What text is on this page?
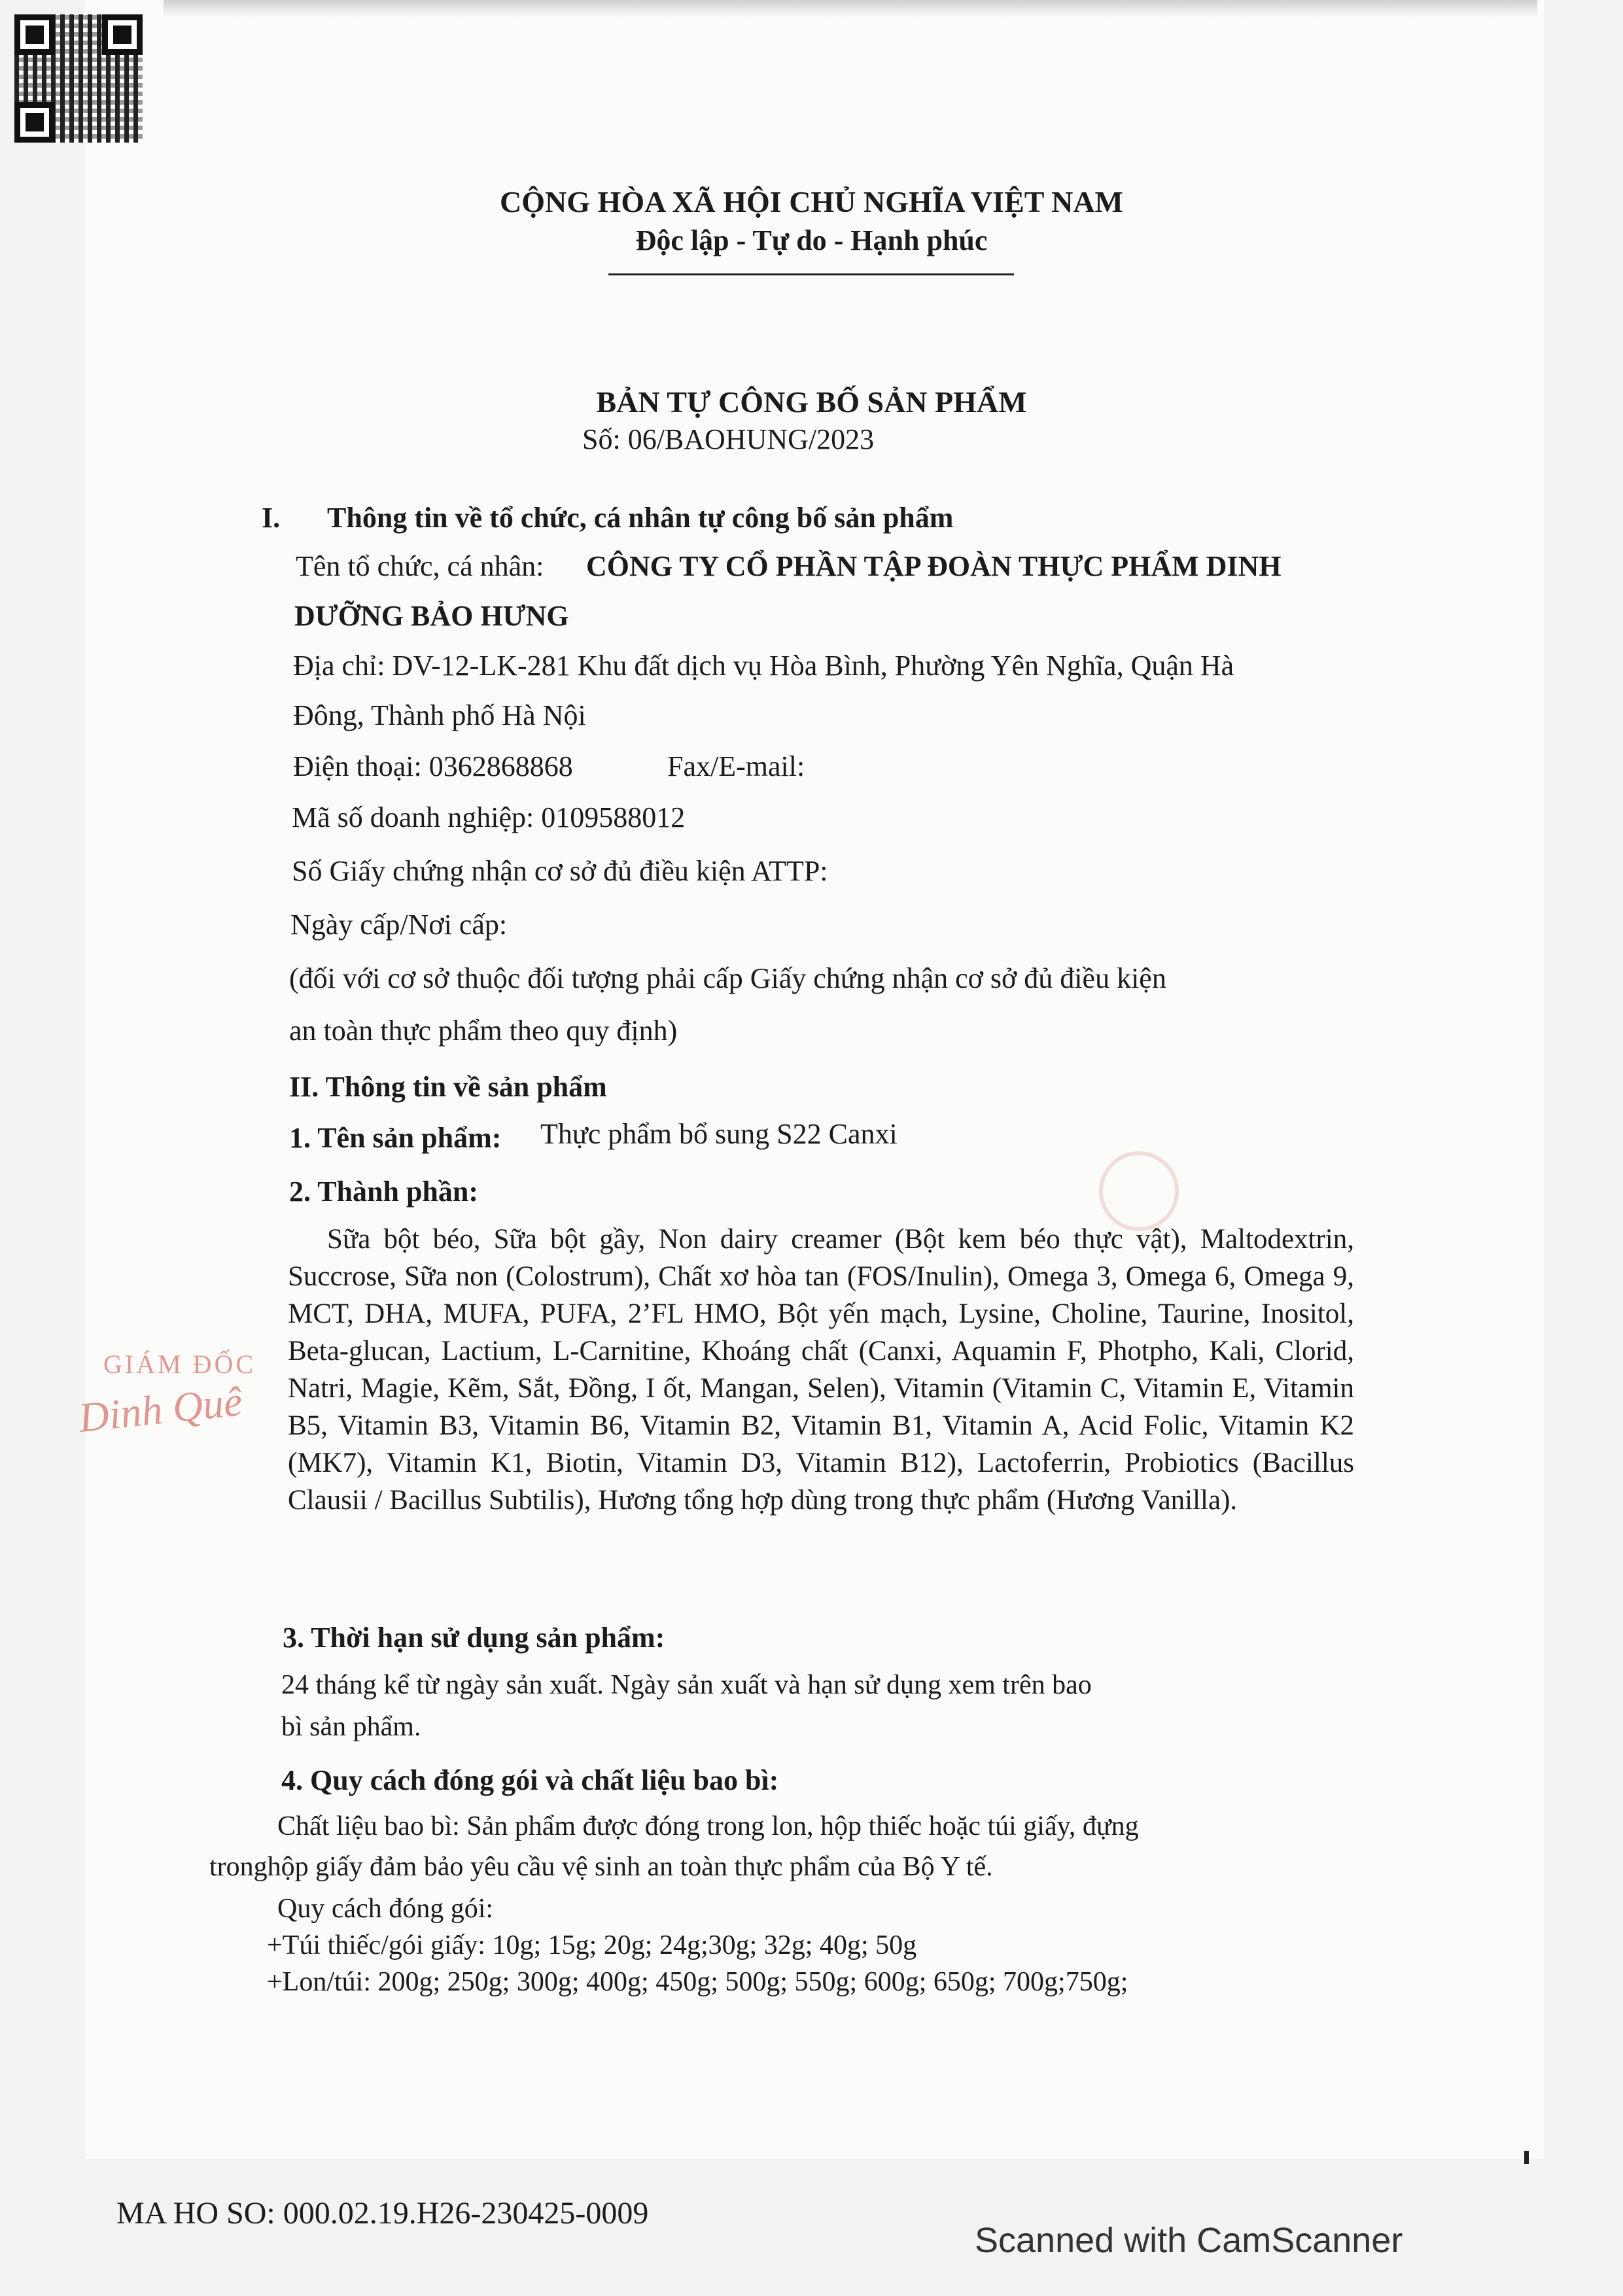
CỘNG HÒA XÃ HỘI CHỦ NGHĨA VIỆT NAM
Độc lập - Tự do - Hạnh phúc
BẢN TỰ CÔNG BỐ SẢN PHẨM
Số: 06/BAOHUNG/2023
I. Thông tin về tổ chức, cá nhân tự công bố sản phẩm
Tên tổ chức, cá nhân: CÔNG TY CỔ PHẦN TẬP ĐOÀN THỰC PHẨM DINH
DƯỠNG BẢO HƯNG
Địa chỉ: DV-12-LK-281 Khu đất dịch vụ Hòa Bình, Phường Yên Nghĩa, Quận Hà
Đông, Thành phố Hà Nội
Điện thoại: 0362868868	Fax/E-mail:
Mã số doanh nghiệp: 0109588012
Số Giấy chứng nhận cơ sở đủ điều kiện ATTP:
Ngày cấp/Nơi cấp:
(đối với cơ sở thuộc đối tượng phải cấp Giấy chứng nhận cơ sở đủ điều kiện
an toàn thực phẩm theo quy định)
II. Thông tin về sản phẩm
1. Tên sản phẩm: Thực phẩm bổ sung S22 Canxi
2. Thành phần:
Sữa bột béo, Sữa bột gầy, Non dairy creamer (Bột kem béo thực vật), Maltodextrin, Succrose, Sữa non (Colostrum), Chất xơ hòa tan (FOS/Inulin), Omega 3, Omega 6, Omega 9, MCT, DHA, MUFA, PUFA, 2’FL HMO, Bột yến mạch, Lysine, Choline, Taurine, Inositol, Beta-glucan, Lactium, L-Carnitine, Khoáng chất (Canxi, Aquamin F, Photpho, Kali, Clorid, Natri, Magie, Kẽm, Sắt, Đồng, I ốt, Mangan, Selen), Vitamin (Vitamin C, Vitamin E, Vitamin B5, Vitamin B3, Vitamin B6, Vitamin B2, Vitamin B1, Vitamin A, Acid Folic, Vitamin K2 (MK7), Vitamin K1, Biotin, Vitamin D3, Vitamin B12), Lactoferrin, Probiotics (Bacillus Clausii / Bacillus Subtilis), Hương tổng hợp dùng trong thực phẩm (Hương Vanilla).
3. Thời hạn sử dụng sản phẩm:
24 tháng kể từ ngày sản xuất. Ngày sản xuất và hạn sử dụng xem trên bao
bì sản phẩm.
4. Quy cách đóng gói và chất liệu bao bì:
Chất liệu bao bì: Sản phẩm được đóng trong lon, hộp thiếc hoặc túi giấy, đựng
tronghộp giấy đảm bảo yêu cầu vệ sinh an toàn thực phẩm của Bộ Y tế.
Quy cách đóng gói:
+Túi thiếc/gói giấy: 10g; 15g; 20g; 24g;30g; 32g; 40g; 50g
+Lon/túi: 200g; 250g; 300g; 400g; 450g; 500g; 550g; 600g; 650g; 700g;750g;
GIÁM ĐỐC
Dinh Quê
MA HO SO: 000.02.19.H26-230425-0009
Scanned with CamScanner
